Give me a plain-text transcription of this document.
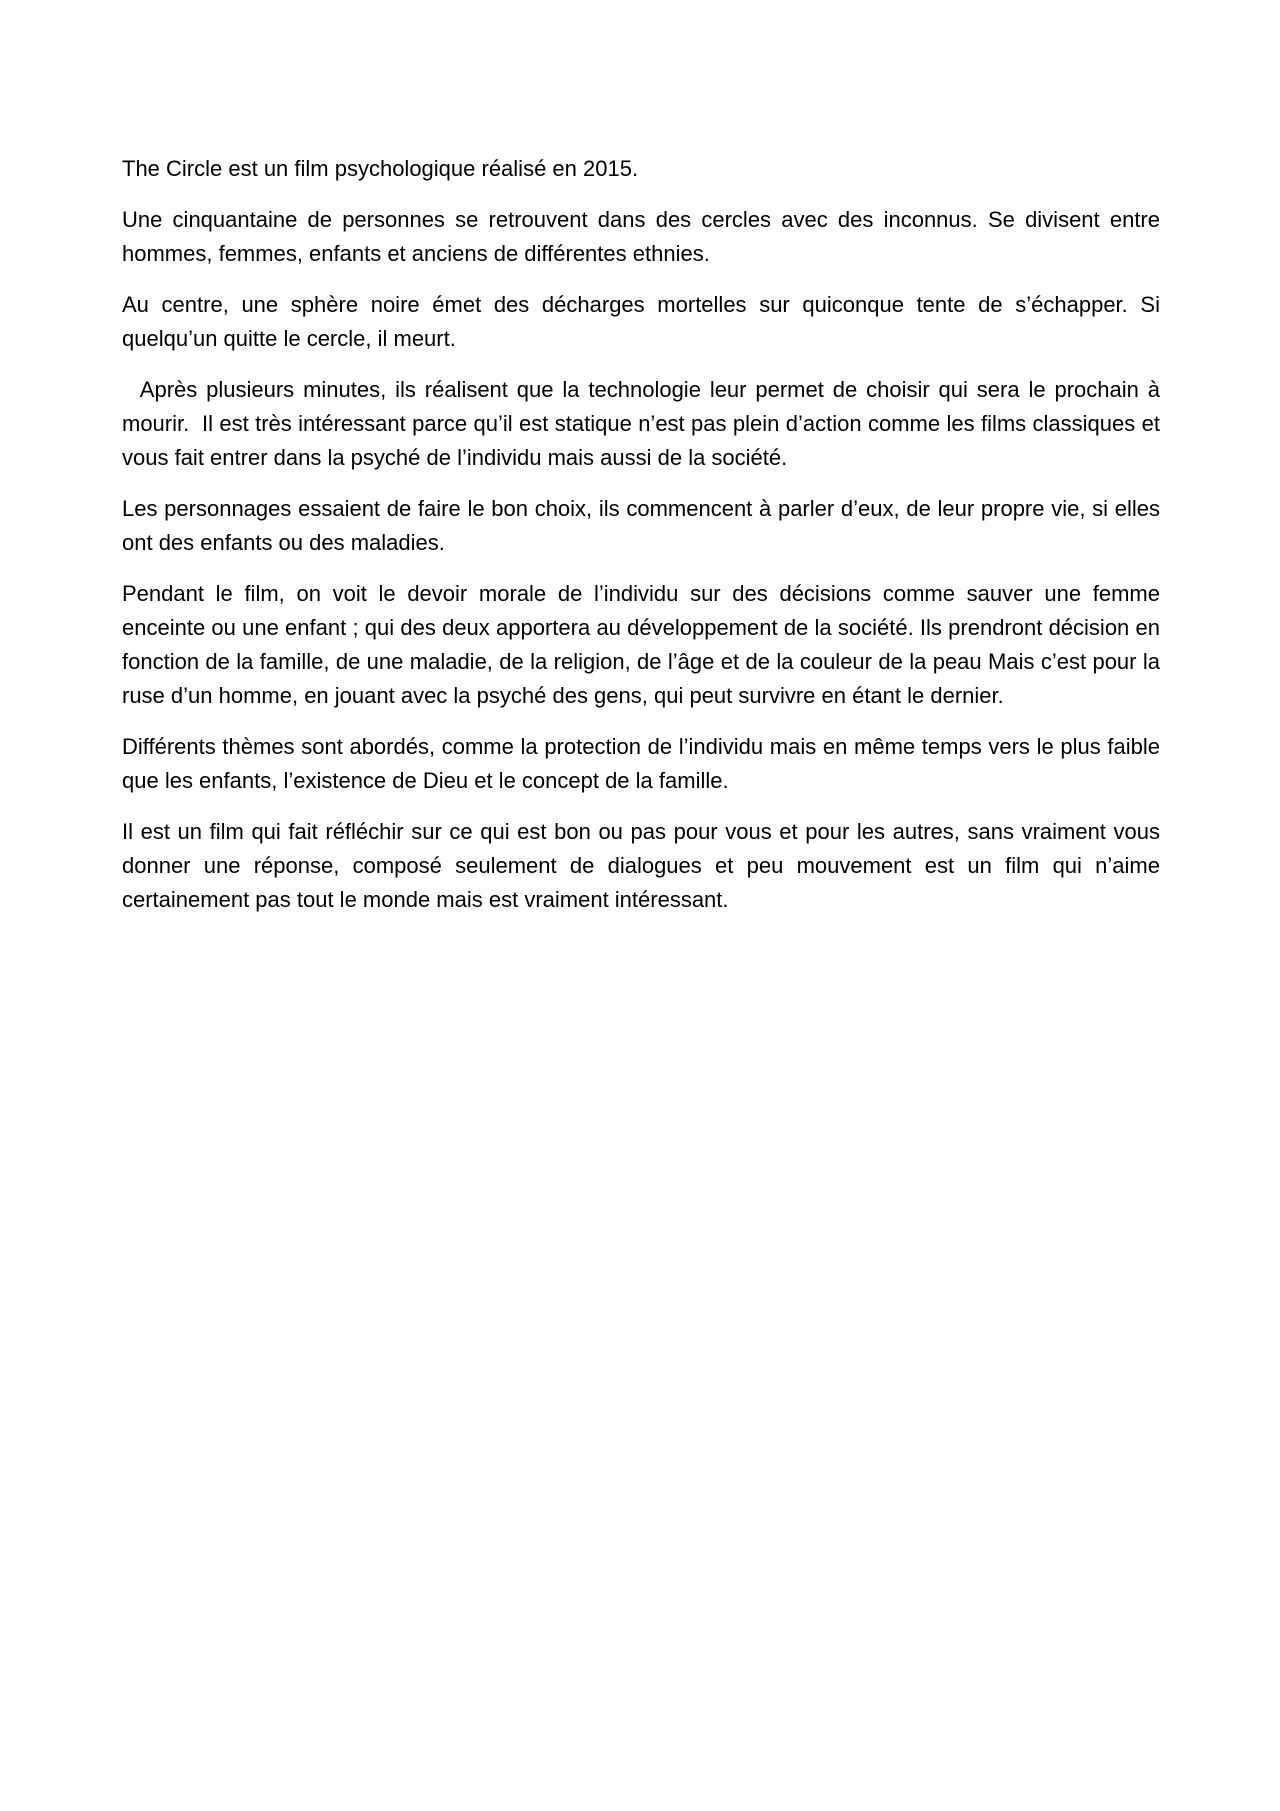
The Circle est un film psychologique réalisé en 2015.

Une cinquantaine de personnes se retrouvent dans des cercles avec des inconnus. Se divisent entre hommes, femmes, enfants et anciens de différentes ethnies.

Au centre, une sphère noire émet des décharges mortelles sur quiconque tente de s’échapper. Si quelqu’un quitte le cercle, il meurt.

Après plusieurs minutes, ils réalisent que la technologie leur permet de choisir qui sera le prochain à mourir.  Il est très intéressant parce qu’il est statique n’est pas plein d’action comme les films classiques et vous fait entrer dans la psyché de l’individu mais aussi de la société.

Les personnages essaient de faire le bon choix, ils commencent à parler d’eux, de leur propre vie, si elles ont des enfants ou des maladies.

Pendant le film, on voit le devoir morale de l’individu sur des décisions comme sauver une femme enceinte ou une enfant ; qui des deux apportera au développement de la société. Ils prendront décision en fonction de la famille, de une maladie, de la religion, de l’âge et de la couleur de la peau Mais c’est pour la ruse d’un homme, en jouant avec la psyché des gens, qui peut survivre en étant le dernier.

Différents thèmes sont abordés, comme la protection de l’individu mais en même temps vers le plus faible que les enfants, l’existence de Dieu et le concept de la famille.

Il est un film qui fait réfléchir sur ce qui est bon ou pas pour vous et pour les autres, sans vraiment vous donner une réponse, composé seulement de dialogues et peu mouvement est un film qui n’aime certainement pas tout le monde mais est vraiment intéressant.
